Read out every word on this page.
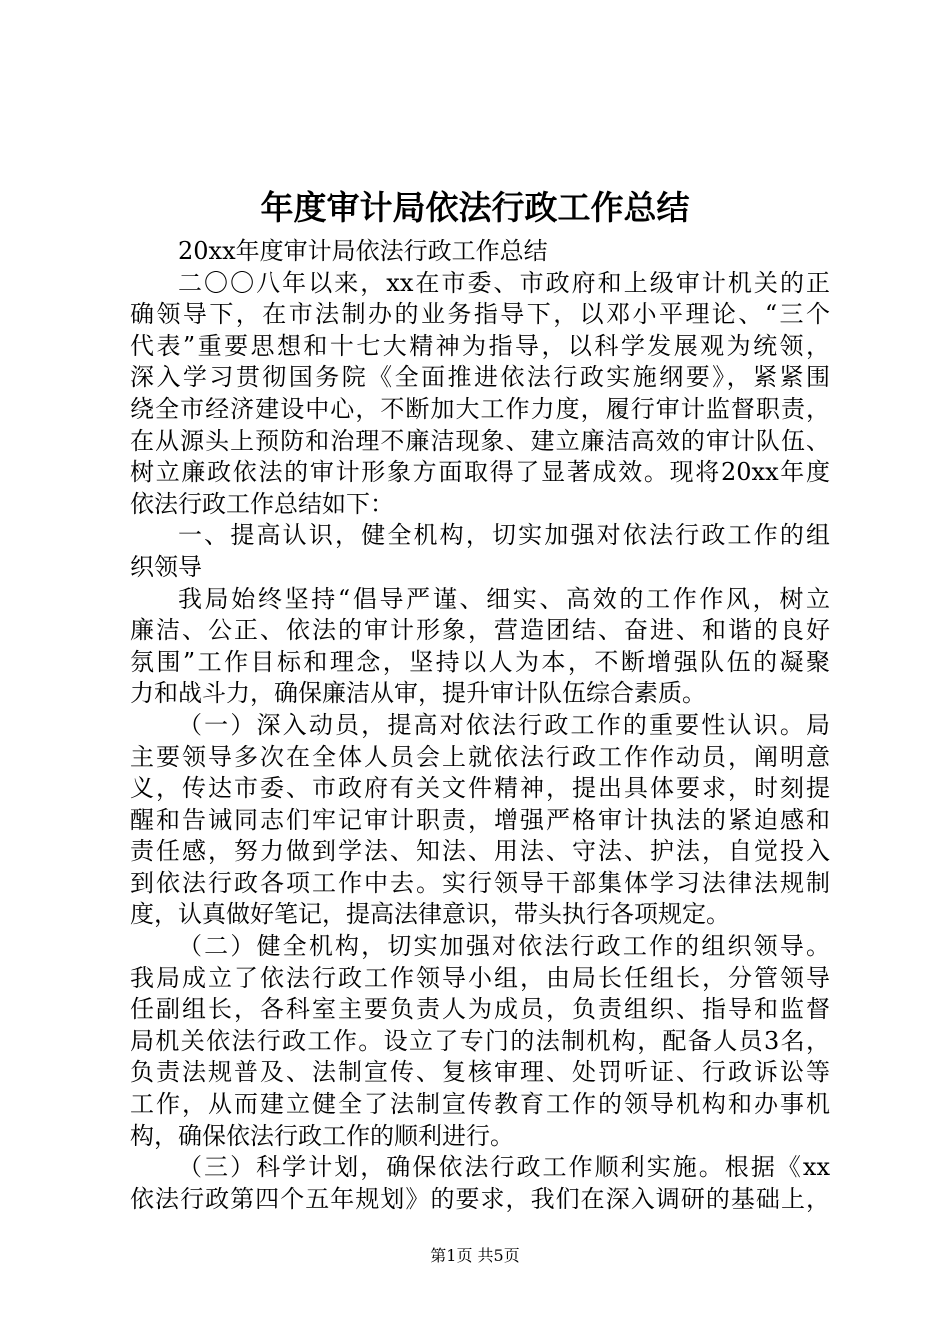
年度审计局依法行政工作总结
20xx年度审计局依法行政工作总结
二〇〇八年以来，xx在市委、市政府和上级审计机关的正
确领导下，在市法制办的业务指导下，以邓小平理论、“三个
代表”重要思想和十七大精神为指导，以科学发展观为统领，
深入学习贯彻国务院《全面推进依法行政实施纲要》，紧紧围
绕全市经济建设中心，不断加大工作力度，履行审计监督职责，
在从源头上预防和治理不廉洁现象、建立廉洁高效的审计队伍、
树立廉政依法的审计形象方面取得了显著成效。现将20xx年度
依法行政工作总结如下：
一、提高认识，健全机构，切实加强对依法行政工作的组
织领导
我局始终坚持“倡导严谨、细实、高效的工作作风，树立
廉洁、公正、依法的审计形象，营造团结、奋进、和谐的良好
氛围”工作目标和理念，坚持以人为本，不断增强队伍的凝聚
力和战斗力，确保廉洁从审，提升审计队伍综合素质。
（一）深入动员，提高对依法行政工作的重要性认识。局
主要领导多次在全体人员会上就依法行政工作作动员，阐明意
义，传达市委、市政府有关文件精神，提出具体要求，时刻提
醒和告诫同志们牢记审计职责，增强严格审计执法的紧迫感和
责任感，努力做到学法、知法、用法、守法、护法，自觉投入
到依法行政各项工作中去。实行领导干部集体学习法律法规制
度，认真做好笔记，提高法律意识，带头执行各项规定。
（二）健全机构，切实加强对依法行政工作的组织领导。
我局成立了依法行政工作领导小组，由局长任组长，分管领导
任副组长，各科室主要负责人为成员，负责组织、指导和监督
局机关依法行政工作。设立了专门的法制机构，配备人员3名，
负责法规普及、法制宣传、复核审理、处罚听证、行政诉讼等
工作，从而建立健全了法制宣传教育工作的领导机构和办事机
构，确保依法行政工作的顺利进行。
（三）科学计划，确保依法行政工作顺利实施。根据《xx
依法行政第四个五年规划》的要求，我们在深入调研的基础上，
第1页 共5页
